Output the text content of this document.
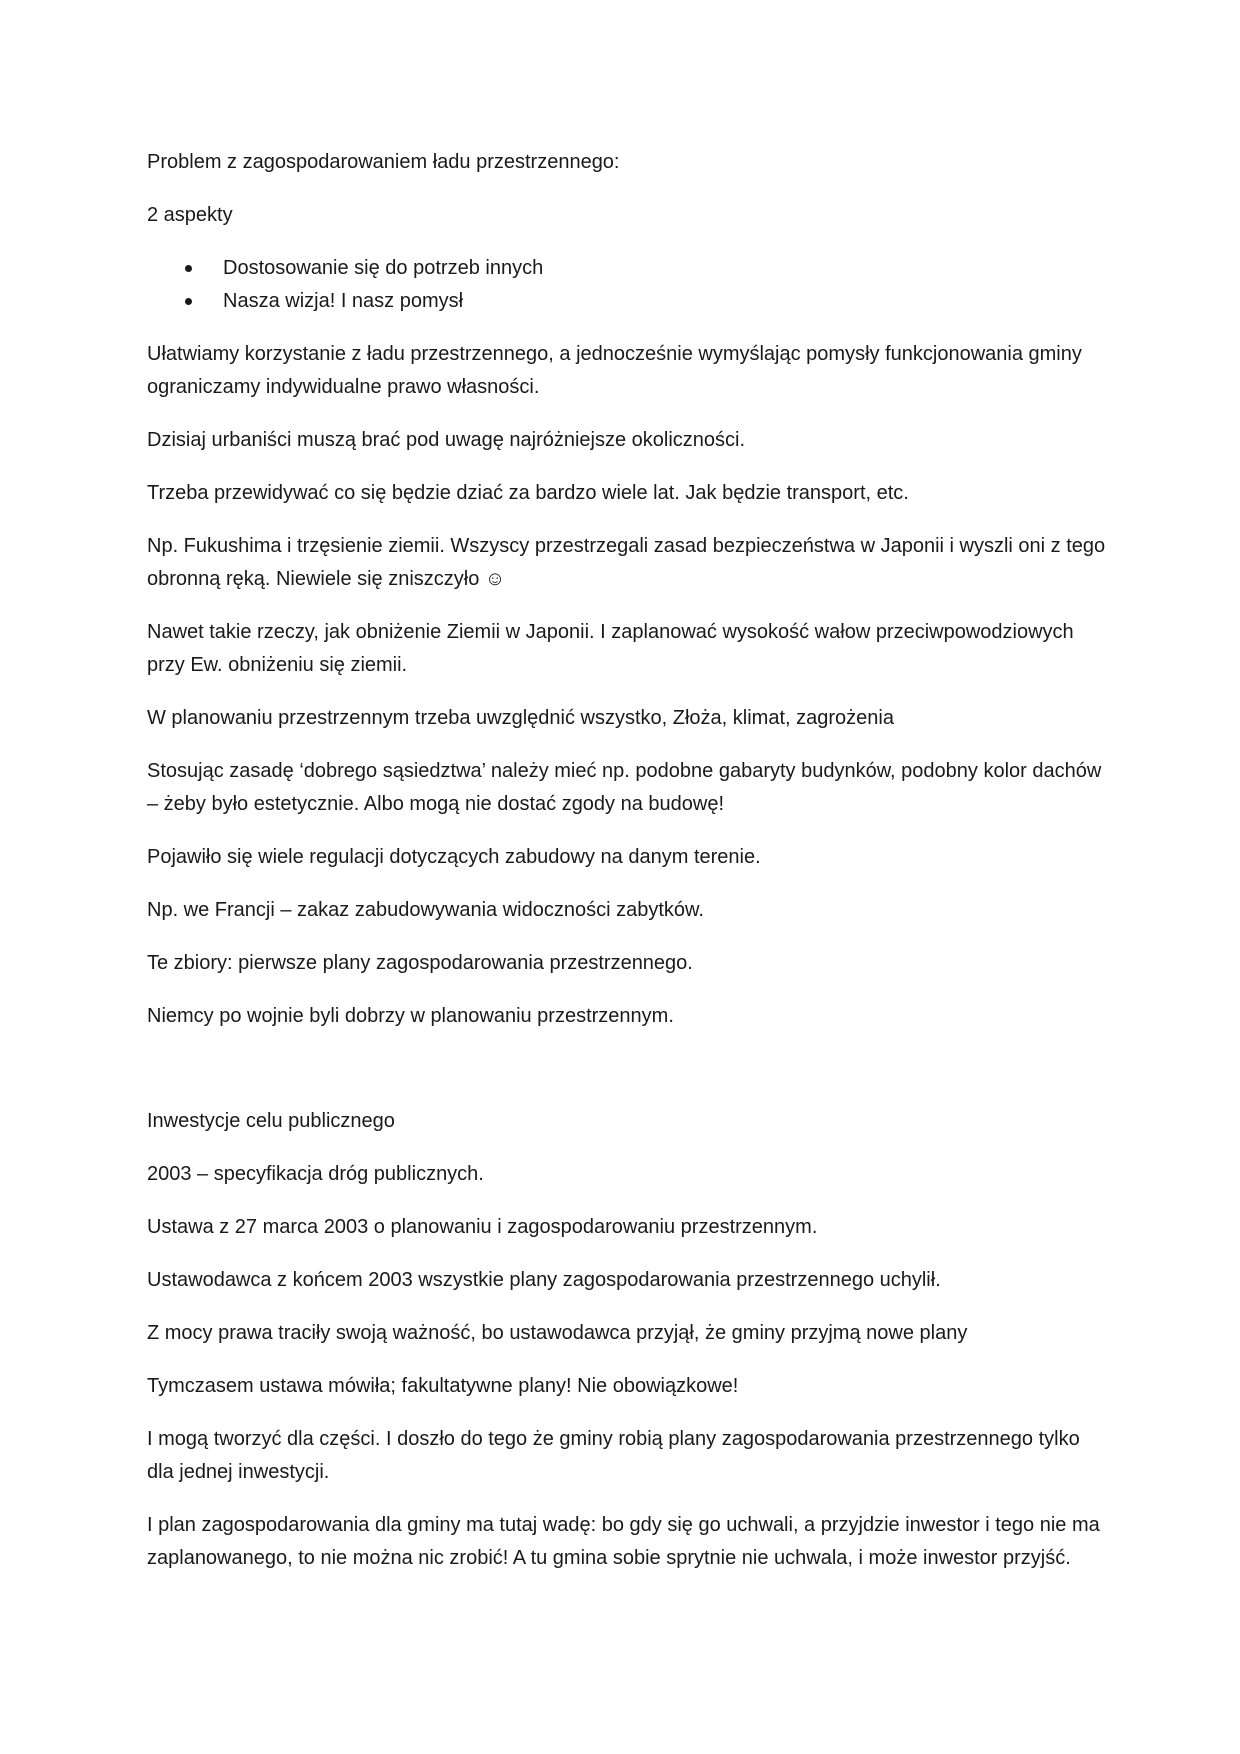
Problem z zagospodarowaniem ładu przestrzennego:

2 aspekty

Dostosowanie się do potrzeb innych
Nasza wizja! I nasz pomysł

Ułatwiamy korzystanie z ładu przestrzennego, a jednocześnie wymyślając pomysły funkcjonowania gminy ograniczamy indywidualne prawo własności.

Dzisiaj urbaniści muszą brać pod uwagę najróżniejsze okoliczności.

Trzeba przewidywać co się będzie dziać za bardzo wiele lat. Jak będzie transport, etc.

Np. Fukushima i trzęsienie ziemii. Wszyscy przestrzegali zasad bezpieczeństwa w Japonii i wyszli oni z tego obronną ręką. Niewiele się zniszczyło ☺

Nawet takie rzeczy, jak obniżenie Ziemii w Japonii. I zaplanować wysokość wałow przeciwpowodziowych przy Ew. obniżeniu się ziemii.

W planowaniu przestrzennym trzeba uwzględnić wszystko, Złoża, klimat, zagrożenia

Stosując zasadę ‘dobrego sąsiedztwa’ należy mieć np. podobne gabaryty budynków, podobny kolor dachów – żeby było estetycznie. Albo mogą nie dostać zgody na budowę!

Pojawiło się wiele regulacji dotyczących zabudowy na danym terenie.

Np. we Francji – zakaz zabudowywania widoczności zabytków.

Te zbiory: pierwsze plany zagospodarowania przestrzennego.

Niemcy po wojnie byli dobrzy w planowaniu przestrzennym.

Inwestycje celu publicznego

2003 – specyfikacja dróg publicznych.

Ustawa z 27 marca 2003 o planowaniu i zagospodarowaniu przestrzennym.

Ustawodawca z końcem 2003 wszystkie plany zagospodarowania przestrzennego uchylił.

Z mocy prawa traciły swoją ważność, bo ustawodawca przyjął, że gminy przyjmą nowe plany

Tymczasem ustawa mówiła; fakultatywne plany! Nie obowiązkowe!

I mogą tworzyć dla części. I doszło do tego że gminy robią plany zagospodarowania przestrzennego tylko dla jednej inwestycji.

I plan zagospodarowania dla gminy ma tutaj wadę: bo gdy się go uchwali, a przyjdzie inwestor i tego nie ma zaplanowanego, to nie można nic zrobić! A tu gmina sobie sprytnie nie uchwala, i może inwestor przyjść.
